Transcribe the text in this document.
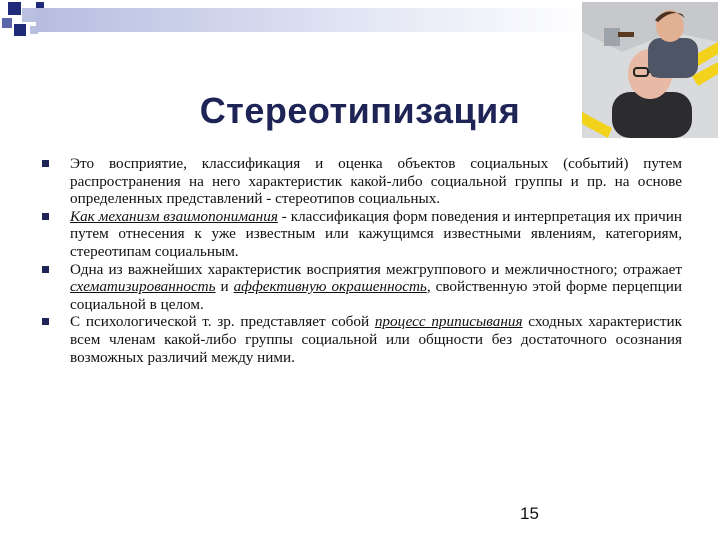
Стереотипизация
Это восприятие, классификация и оценка объектов социальных (событий) путем распространения на него характеристик какой-либо социальной группы и пр. на основе определенных представлений - стереотипов социальных.
Как механизм взаимопонимания - классификация форм поведения и интерпретация их причин путем отнесения к уже известным или кажущимся известными явлениям, категориям, стереотипам социальным.
Одна из важнейших характеристик восприятия межгруппового и межличностного; отражает схематизированность и аффективную окрашенность, свойственную этой форме перцепции социальной в целом.
С психологической т. зр. представляет собой процесс приписывания сходных характеристик всем членам какой-либо группы социальной или общности без достаточного осознания возможных различий между ними.
15
